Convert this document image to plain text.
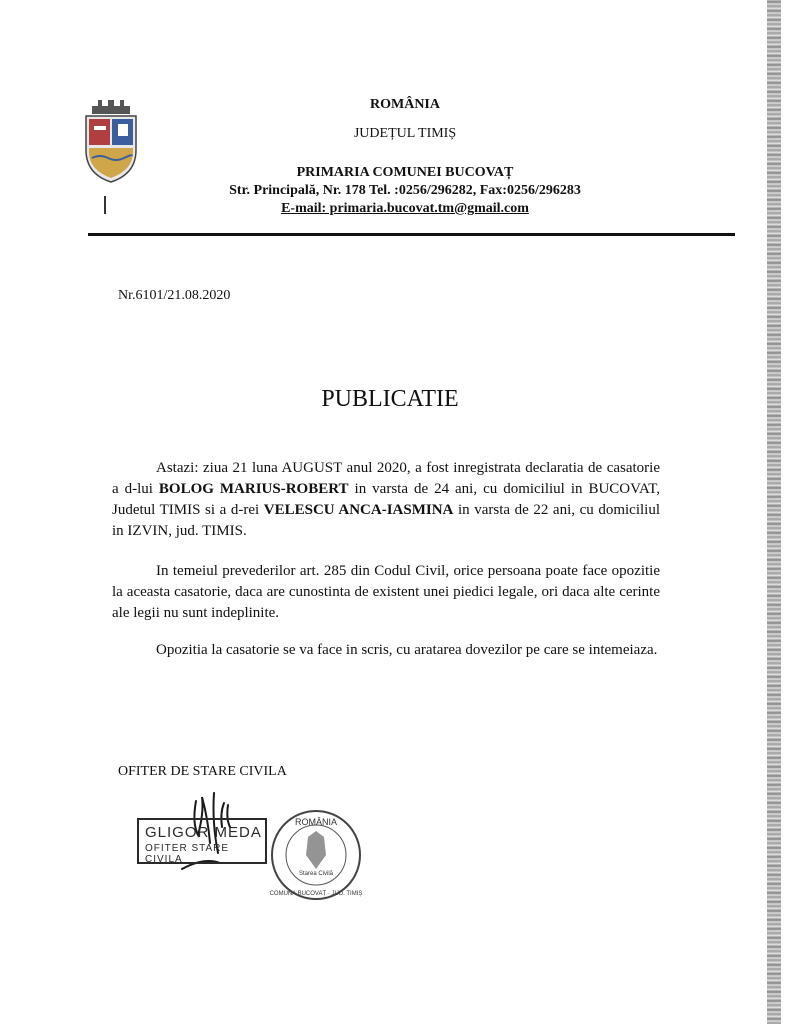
ROMÂNIA
JUDEȚUL TIMIȘ
PRIMARIA COMUNEI BUCOVAȚ
Str. Principală, Nr. 178 Tel. :0256/296282, Fax:0256/296283
E-mail: primaria.bucovat.tm@gmail.com
Nr.6101/21.08.2020
PUBLICATIE
Astazi: ziua 21 luna AUGUST anul 2020, a fost inregistrata declaratia de casatorie a d-lui BOLOG MARIUS-ROBERT in varsta de 24 ani, cu domiciliul in BUCOVAT, Judetul TIMIS si a d-rei VELESCU ANCA-IASMINA in varsta de 22 ani, cu domiciliul in IZVIN, jud. TIMIS.
In temeiul prevederilor art. 285 din Codul Civil, orice persoana poate face opozitie la aceasta casatorie, daca are cunostinta de existent unei piedici legale, ori daca alte cerinte ale legii nu sunt indeplinite.
Opozitia la casatorie se va face in scris, cu aratarea dovezilor pe care se intemeiaza.
OFITER DE STARE CIVILA
GLIGOR MEDA
OFITER STARE CIVILA
ROMÂNIA
Starea Civilă
COMUNA BUCOVAȚ · JUD. TIMIȘ
